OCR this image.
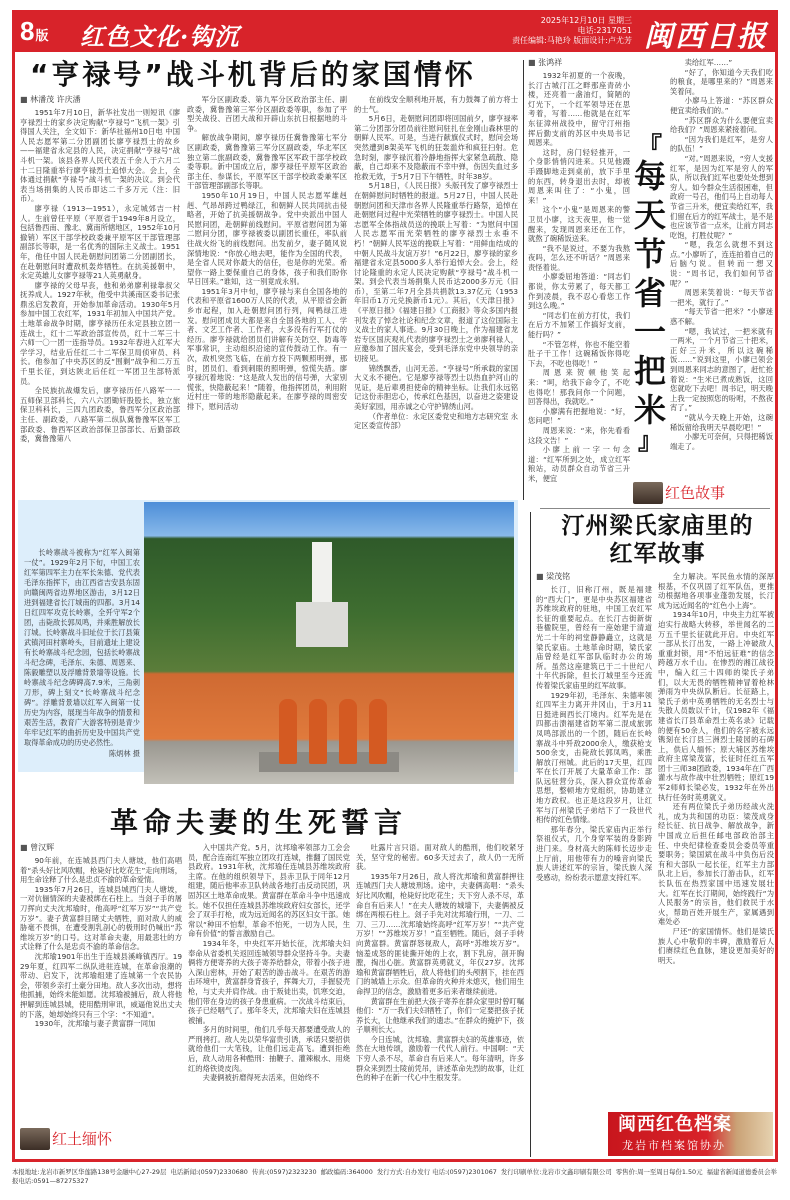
8版 红色文化·钩沉
2025年12月10日 星期三
电话:2317051
责任编辑:马艳玲 版面设计:卢尤芳 闽西日报
“亨禄号”战斗机背后的家国情怀

■ 林潘茂 许庆潘

1951年7月10日，新华社发出一则短讯《廖亨禄烈士的家乡决定购献“亨禄号”飞机一架》引得国人关注，全文如下：新华社福州10日电 中国人民志愿军第二分团副团长廖亨禄烈士的故乡——福建省永定县的人民，决定捐献“亨禄号”战斗机一架。该县各界人民代表五千余人于六月二十二日隆重举行廖亨禄烈士追悼大会。会上，全体通过捐献“亨禄号”战斗机一架的决议。到会代表当场捐集的人民币即达二千多万元（注：旧币）。

廖亨禄（1913—1951），永定城郊吉一村人。生前曾任平原（平原省于1949年8月设立，包括鲁西南、豫北、冀南所辖地区，1952年10月撤销）军区干部学校政委兼平原军区干部管理部副部长等职，是一名优秀的国际主义战士。1951年，他任中国人民赴朝慰问团第二分团副团长，在赴朝慰问时遭敌机轰炸牺牲。在抗美援朝中，永定英雄儿女廖亨禄等21人英勇献身。

廖亨禄的父母早丧，他和弟弟廖利禄靠叔父抚养成人。1927年秋，他受中共溪南区委书记张鼎丞启发教育，开始参加革命活动。1930年5月参加中国工农红军，1931年初加入中国共产党。土地革命战争时期，廖亨禄历任永定县独立团一连战士，红十二军政治部宣传员，红十二军三十六师一〇一团一连指导员。1932年春进入红军大学学习，结业后任红二十二军保卫局侦审员、科长。他参加了中央苏区的反“围剿”战争和二万五千里长征，到达陕北后任红一军团卫生部特派员。

全民族抗战爆发后，廖亨禄历任八路军一一五师保卫部科长，六八六团锄奸股股长，独立旅保卫科科长，三四九团政委，鲁西军分区政治部主任、副政委，八路军第二纵队冀鲁豫军区军工部政委、鲁西军区政治部保卫部部长、后勤部政委，冀鲁豫第八

军分区副政委、第九军分区政治部主任、副政委，冀鲁豫第三军分区副政委等职，参加了平型关战役、百团大战和开辟山东抗日根据地的斗争。

解放战争期间，廖亨禄历任冀鲁豫第七军分区副政委，冀鲁豫第三军分区副政委，华北军区独立第二旅副政委，冀鲁豫军区军政干部学校政委等职。新中国成立后，廖亨禄任平原军区政治部主任、参谋长，平原军区干部学校政委兼军区干部管理部副部长等职。

1950年10月19日，中国人民志愿军雄赳赳、气昂昂跨过鸭绿江，和朝鲜人民共同抗击侵略者，开始了抗美援朝战争。党中央派出中国人民慰问团，赴朝鲜前线慰问。平原省慰问团为第二慰问分团，廖亨禄被委以副团长重任，率队前往战火纷飞的前线慰问。出发前夕，妻子随风说深情地说：“你放心地去吧，能作为全国的代表，是全省人民对你最大的信任，也是你的光荣。希望你一路上要保重自己的身体，孩子和我们盼你早日回来。”谁知，这一别竟成永别。

1951年3月中旬，廖亨禄与来自全国各地的代表和平原省1600万人民的代表，从平原省会新乡市起程，加入赴朝慰问团行列，闯鸭绿江进发。慰问团成员大都是来自全国各地的工人、学者、文艺工作者、工作者，大多没有行军打仗的经历。廖亨禄就给团员们讲解有关防空、防毒等军事常识，主动组织沿途的宣传鼓动工作。有一次，敌机突然飞临，在前方投下两颗照明弹，那时，团员们、看到刺眼的照明弹，惊慌失措。廖亨禄沉着地说：“这是敌人发出的信号弹，大家别慌张，快隐蔽起来！”随着，他指挥团员，利用附近村庄一带的地形隐蔽起来。在廖亨禄的周密安排下，慰问活动

在前线安全顺利地开展，有力鼓舞了前方将士的士气。

5月6日，赴朝慰问团即将回国前夕，廖亨禄率第二分团部分团员前往慰问驻扎在金刚山森林里的朝鲜人民军。可是，当进行献旗仪式时，慰问会场突然遭到8架美军飞机的狂轰滥炸和疯狂扫射。危急时刻，廖亨禄沉着冷静地指挥大家紧急疏散、隐蔽，自己却来不及隐蔽而不幸中弹，伤因失血过多抢救无效，于5月7日下午牺牲，时年38岁。

5月18日，《人民日报》头版刊发了廖亨禄烈士在朝鲜慰问时牺牲的报道。5月27日，中国人民赴朝慰问团和天津市各界人民隆重举行路祭，追悼在赴朝慰问过程中光荣牺牲的廖亨禄烈士。中国人民志愿军全体指战员送的挽联上写着：“为慰问中国人民志愿军而光荣牺牲的廖亨禄烈士永垂不朽！”朝鲜人民军送的挽联上写着：“用鲜血结成的中朝人民战斗友谊万岁！”6月22日，廖亨禄的家乡福建省永定县5000多人举行追悼大会。会上，经讨论隆重的永定人民决定购献“亨禄号”战斗机一架。到会代表当场捐集人民币达2000多万元（旧币），至第二年7月全县共捐款13.37亿元（1953年旧币1万元兑换新币1元）。其后，《天津日报》《平原日报》《福建日报》《工商报》等众多国内报刊发表了悼念社论和纪念文章，报道了这位国际主义战士的家人事迹。9月30日晚上，作为福建省龙岩专区国庆观礼代表的廖亨禄烈士之弟廖利禄人，应邀参加了国庆宴会，受到毛泽东党中央领导的亲切接见。

锦绣飘香，山河无恙。“亨禄号”所承载的家国大义永不褪色。它是廖亨禄等烈士以热血护河山的见证，是后辈勇担使命的精神坐标。让我们永远铭记这份赤胆忠心，传承红色基因，以奋进之姿建设美好家园，用赤诚之心守护锦绣山河。

（作者单位：永定区委党史和地方志研究室 永定区委宣传部）

■ 张鸿祥

1932年初夏的一个夜晚，长汀古城汀江之畔那座青砖小楼，还亮着一盏油灯，简陋的灯光下，一个红军领导还在思考着，写着……他就是在红军东征漳州战役中，留守汀州指挥后勤支前的苏区中央局书记周恩来。

这时，房门轻轻推开，一个身影悄悄闪进来。只见他蹑手蹑脚地走到桌前，放下手里的东西，转身退出去时，却被周恩来叫住了：“小鬼，回来！”

这个“小鬼”是周恩来的警卫员小廖，这天夜里，他一觉醒来，发现周恩来还在工作，就熬了碗稀饭送来。

“我不是说过，不要为我熬夜吗，怎么还不听话？”周恩来责怪着说。

小廖委屈地答道：“同志们都说，你太劳累了，每天都工作到凌晨，我不忍心看您工作到这么晚。”

“同志们在前方打仗，我们在后方不加紧工作搞好支前，能行吗？”

“不管怎样，你也不能空着肚子干工作！这碗稀饭你得吃下去，不吃也得吃！”

周恩来贺顿他笑起来：“呵，给我下命令了，不吃也得吃！那我问你一个问题，回答得出，我就吃。”

小廖满有把握地说：“好，您问吧！”

周恩来说：“来，你先看看这段文告！”

小廖上前一字一句念道：“红军所到之处，成立红军粮站，动员群众自动节省三升米，便宜

『
每
天
节
省
一
把
米
』

卖给红军……”

“好了，你知道今天我们吃的粮食，是哪里来的？”周恩来笑着问。

小廖马上答道：“苏区群众便宜卖给我们的。”

“苏区群众为什么要便宜卖给我们？”周恩来紧接着问。

“因为我们是红军，是穷人的队伍！”

“对。”周恩来说，“穷人支援红军，是因为红军是穷人的军队，所以我们红军也要处处想到穷人。如今群众生活很困难，但政府一号召，他们马上自动每人节省三升米，便宜卖给红军，我们留在后方的红军战士，是不是也应该节省一点米，让前方同志吃饱，打胜仗呢？”

“嗯，我怎么就想不到这点。”小廖听了，连连拍着自己的后脑勺说。但转而一想又说：“周书记，我们如何节省呢？”

周恩来笑着说：“每天节省一把米，就行了。”

“每天节省一把米？”小廖迷惑不解。

“嗯，我试过，一把米就有一两米，一个月节省三十把米，正好三升米，所以这碗稀饭……”说到这里，小廖已领会到周恩来同志的意图了，赶忙抢着说：“生米已煮成熟饭，这回您就吃下去吧！周书记，明天晚上我一定按照您的吩咐，不熬夜宵了。”

“就从今天晚上开始，这碗稀饭留给我明天早晨吃吧！”

小廖无可奈何，只得把稀饭端走了。

红色故事

长岭寨战斗被称为“红军入闽第一仗”。1929年2月下旬，中国工农红军第四军主力在军长朱德、党代表毛泽东指挥下，由江西省吉安县东固向赣闽两省边界地区游击，3月12日进到福建省长汀城南的四都。3月14日红四军攻克长岭寨，全歼守军2个团，击毙敌长郭凤鸣，并乘胜解放长汀城。长岭寨战斗旧址位于长汀县策武镇河田村寨岭头，目前遗址上建设有长岭寨战斗纪念园，包括长岭寨战斗纪念碑，毛泽东、朱德、周恩来、陈毅雕塑以及浮雕背景墙等设施。长岭寨战斗纪念碑碑高7.9米，三角刺刀形，碑上刻文“长岭寨战斗纪念碑”。浮雕背景墙以红军入闽第一仗历史为内容，展现当年战争的情景和艰苦生活，教育广大游客特别是青少年牢记红军的曲折历史及中国共产党取得革命成功的历史必然性。

陈炳林 摄

汀州梁氏家庙里的
红军故事

■ 梁茂铭

长汀，旧称汀州，既是福建的“西大门”，更是中央苏区福建省苏维埃政府的驻地，中国工农红军长征的重要起点。在长汀古街新街巷楹院里，曾经有一座始建于清道光二十年的祠堂静静矗立，这就是梁氏家庙。土地革命时期，梁氏家庙曾经是红军部队临时办公的场所。虽然这座建筑已于二十世纪八十年代拆除，但长汀城里至今还流传着梁氏家庙里的红军故事。

1929年初，毛泽东、朱德率领红四军主力离开井冈山，于3月11日挺进闽西长汀境内。红军先是在四都击溃福建省防军第二混成旅郭凤鸣部派出的一个团，随后在长岭寨战斗中歼敌2000余人，缴获枪支500余支，击毙敌长郭凤鸣，乘胜解放汀州城。此后的17天里，红四军在长汀开展了大量革命工作：部队远驻营分兵，深入群众宣传革命思想，整顿地方党组织，协助建立地方政权。也正是这段岁月，让红军与汀州梁氏子弟结下了一段世代相传的红色情缘。

那年春分，梁氏家庙内正举行祭祖仪式，几个身穿军装的身影跨进门来。身材高大的陈师长迈步走上厅前，用他带有力的嗓音向梁氏族人讲述红军的宗旨，梁氏族人深受感动，纷纷表示愿意支持红军。

全力解决。军民鱼水情的深厚根基，不仅巩固了红军队伍，更推动根据地各项事业蓬勃发展，长汀成为远近闻名的“红色小上海”。

1934年10月，中央主力红军被迫实行战略大转移，举世闻名的二万五千里长征就此开启。中央红军一部从长汀出发，一路上冲破敌人重重封锁，用“不怕远征难”的信念跨越万水千山。在惨烈的湘江战役中，编入红三十四师的梁氏子弟们，以大无畏的牺牲精神冒着枪林弹雨为中央纵队断后。长征路上，梁氏子弟中英勇牺牲的无名烈士与失散人员数以千计，仅1982年《福建省长汀县革命烈士英名录》记载的便有50余人，他们的名字被永远镌刻在长汀县三洲烈士陵园的石碑上，供后人缅怀；原大埔区苏维埃政府主席梁茂富，长征时任红五军团十三师38团政委，1934年在广西灌水与敌作战中壮烈牺牲；原红19军2师师长梁必发，1932年在外出执行任务时英勇就义。

还有两位梁氏子弟历经战火洗礼，成为共和国的功臣：梁茂成身经长征、抗日战争、解放战争，新中国成立后担任邮电部政治部主任、中央纪律检查委员会委员等重要职务；梁国斌在战斗中负伤后没有和大部队一起长征，红军主力部队北上后，参加长汀游击队，红军长队伍在热烈家国中迅速发展壮大。红军在长汀期间，始终践行“为人民服务”的宗旨，他们救民于水火，帮助百姓开展生产，家属遇到难处必

尸还”的家国情怀。他们是梁氏族人心中敬仰的丰碑，激励着后人们赓续红色血脉，建设更加美好的明天。

革命夫妻的生死誓言

■ 曾汉辉

90年前，在连城县西门夫人塘坡，他们高唱着“杀头好比风吹帽，枪毙好比吃花生”走向刑场，用生命诠释了什么是忠贞不渝的革命爱情。

1935年7月26日，连城县城西门夫人塘坡，一对伉俪情深的夫妻被绑在石柱上。当刽子手的屠刀挥向丈夫沈邦瑜时，他高呼“红军万岁”“共产党万岁”。妻子黄富群目睹丈夫牺牲，面对敌人的威胁毫不畏惧，在遭受割乳剖心的极刑时仍喊出“苏维埃万岁”的口号。这对革命夫妻，用最悲壮的方式诠释了什么是忠贞不渝的革命信念。

沈邦瑜1901年出生于连城县溪峰镇西厅。1929年夏，红四军二纵队进驻连城，在革命浪潮的带动、启发下，沈邦瑜组建了连城第一个农民协会，带领乡亲打土豪分田地。敌人多次出动，想将他抓捕，始终未能如愿。沈邦瑜被捕后，敌人将他押解到连城县城，使用酷刑审讯，威逼他说出丈夫的下落，她却始终只有三个字：“不知道”。

1930年，沈邦瑜与妻子黄富群一同加

入中国共产党。5月，沈邦瑜率领部力工会会员，配合连南红军独立团攻打连城，推翻了国民党县政府。1931年秋，沈邦瑜任连城县苏维埃政府主席。在他的组织领导下，县赤卫队于同年12月组建，随后他率赤卫队转战各地打击反动民团，巩固苏区土地革命成果。黄富群在革命斗争中迅速成长。她不仅担任连城县苏维埃政府妇女部长，还学会了双手打枪，成为远近闻名的苏区妇女干部。她常以“种田不怕犁，革命不怕死，一切为人民，生命有价值”的誓言激励自己。

1934年冬，中央红军开始长征，沈邦瑜夫妇奉命从省委机关返回连城领导群众坚持斗争。夫妻俩将方便寄养的大孩子寄养给群众，带着小孩子进入深山密林，开始了艰苦的游击战斗。在艰苦的游击环境中，黄富群身背孩子，挥舞大刀，手握驳壳枪，与丈夫并肩作战。由于叛徒出卖，饥寒交迫，他们带在身边的孩子身患重病。一次战斗结束后，孩子已经咽气了。那年冬天，沈邦瑜夫妇在连城县被捕。

多月的时间里，他们几乎每天都要遭受敌人的严刑拷打。敌人先以荣华富贵引诱，承诺只要招供就给他们一大笔钱，让他们远走高飞。遭到拒绝后，敌人动用各种酷刑：抽鞭子、灌辣椒水、用烧红的烙铁烫皮肉。

夫妻俩被折磨得死去活来，但始终不

吐露片言只语。面对敌人的酷刑，他们咬紧牙关，坚守党的秘密。60多天过去了，敌人仍一无所获。

1935年7月26日，敌人将沈邦瑜和黄富群押往连城西门夫人塘坡刑场。途中，夫妻俩高唱：“杀头好比风吹帽，枪毙好比吃花生；天下穷人杀不尽，革命自有后来人！”在夫人塘坡的城墙下，夫妻俩被反绑在两根石柱上。刽子手先对沈邦瑜行刑，一刀、二刀、三刀……沈邦瑜始终高呼“红军万岁！”“共产党万岁！”“苏维埃万岁！”直至牺牲。随后，刽子手转向黄富群。黄富群怒视敌人，高呼“苏维埃万岁”。恼羞成怒的匪徒撕开她的上衣，割下乳房，剖开胸膛，掏出心脏。黄富群英勇就义，年仅27岁。沈邦瑜和黄富群牺牲后，敌人将他们的头颅割下，挂在西门的城墙上示众。但革命的火种并未熄灭，他们用生命捍卫的信念，激励着更多后来者继续前进。

黄富群在生前把大孩子寄养在群众家里时曾叮嘱他们：“万一我们夫妇牺牲了，你们一定要把孩子抚养长大，让他继承我们的遗志。”在群众的掩护下，孩子顺利长大。

今日连城，沈邦瑜、黄富群夫妇的英雄事迹，依然在大地传颂，激励着一代代人前行。中国啊：“天下穷人杀不尽，革命自有后来人”。每年清明，许多群众来到烈士陵前凭吊，讲述革命先烈的故事，让红色的种子在新一代心中生根发芽。

红土缅怀
闽西红色档案
龙岩市档案馆协办
本报地址:龙岩市新罗区华莲路138号金融中心27-29层 电话新闻:(0597)2330680 传真:(0597)2323230 邮政编码:364000 发行方式:自办发行 电话:(0597)2301067 发行印刷单位:龙岩市文鑫印刷有限公司 零售价:周一至周日每份1.50元 福建省新闻道德委员会举报电话:0591—87275327
